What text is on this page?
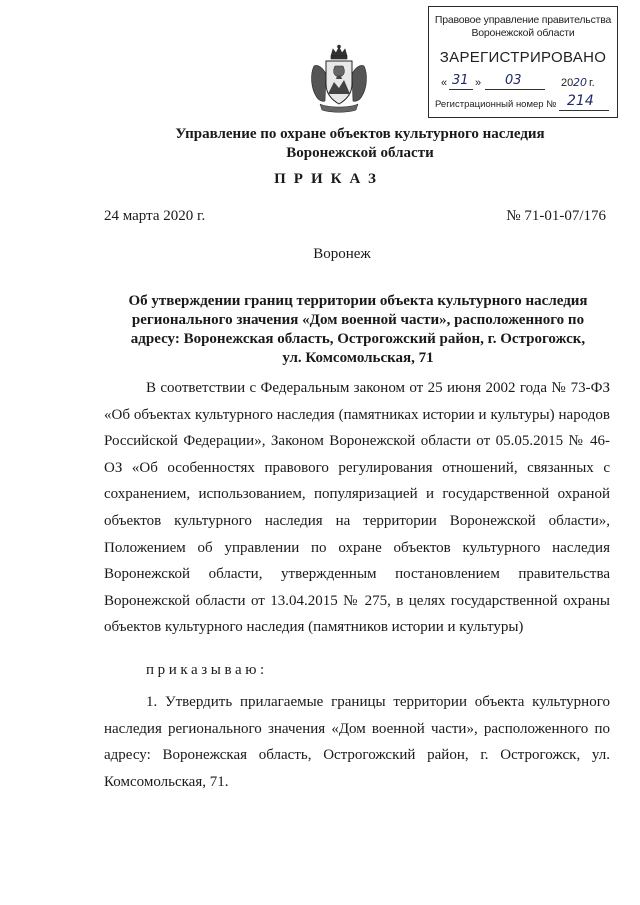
Правовое управление правительства
Воронежской области
ЗАРЕГИСТРИРОВАНО
« 31 » 03	20 20 г.
Регистрационный номер № 214
Управление по охране объектов культурного наследия
Воронежской области
ПРИКАЗ
24 марта 2020 г.	№ 71-01-07/176
Воронеж
Об утверждении границ территории объекта культурного наследия
регионального значения «Дом военной части», расположенного по
адресу: Воронежская область, Острогожский район, г. Острогожск,
ул. Комсомольская, 71

В соответствии с Федеральным законом от 25 июня 2002 года № 73-ФЗ «Об объектах культурного наследия (памятниках истории и культуры) народов Российской Федерации», Законом Воронежской области от 05.05.2015 № 46-ОЗ «Об особенностях правового регулирования отношений, связанных с сохранением, использованием, популяризацией и государственной охраной объектов культурного наследия на территории Воронежской области», Положением об управлении по охране объектов культурного наследия Воронежской области, утвержденным постановлением правительства Воронежской области от 13.04.2015 № 275, в целях государственной охраны объектов культурного наследия (памятников истории и культуры)

приказываю:

1. Утвердить прилагаемые границы территории объекта культурного наследия регионального значения «Дом военной части», расположенного по адресу: Воронежская область, Острогожский район, г. Острогожск, ул. Комсомольская, 71.
